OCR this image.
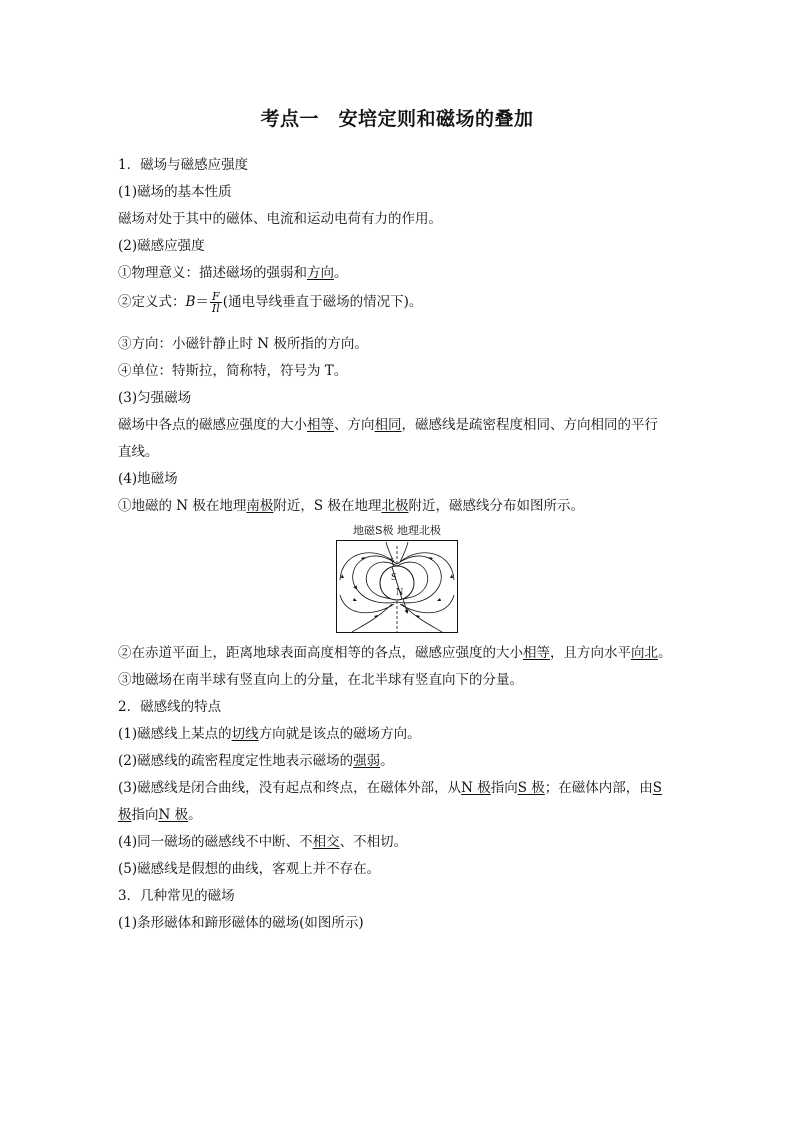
考点一　安培定则和磁场的叠加
1．磁场与磁感应强度
(1)磁场的基本性质
磁场对处于其中的磁体、电流和运动电荷有力的作用。
(2)磁感应强度
①物理意义：描述磁场的强弱和方向。
②定义式：$B= \frac{F}{Il}$ (通电导线垂直于磁场的情况下)。
③方向：小磁针静止时 N 极所指的方向。
④单位：特斯拉，简称特，符号为 T。
(3)匀强磁场
磁场中各点的磁感应强度的大小相等、方向相同，磁感线是疏密程度相同、方向相同的平行
直线。
(4)地磁场
①地磁的 N 极在地理南极附近，S 极在地理北极附近，磁感线分布如图所示。
地磁S极 地理北极
S
N
②在赤道平面上，距离地球表面高度相等的各点，磁感应强度的大小相等，且方向水平向北。
③地磁场在南半球有竖直向上的分量，在北半球有竖直向下的分量。
2．磁感线的特点
(1)磁感线上某点的切线方向就是该点的磁场方向。
(2)磁感线的疏密程度定性地表示磁场的强弱。
(3)磁感线是闭合曲线，没有起点和终点，在磁体外部，从N 极指向S 极；在磁体内部，由S
极指向N 极。
(4)同一磁场的磁感线不中断、不相交、不相切。
(5)磁感线是假想的曲线，客观上并不存在。
3．几种常见的磁场
(1)条形磁体和蹄形磁体的磁场(如图所示)
